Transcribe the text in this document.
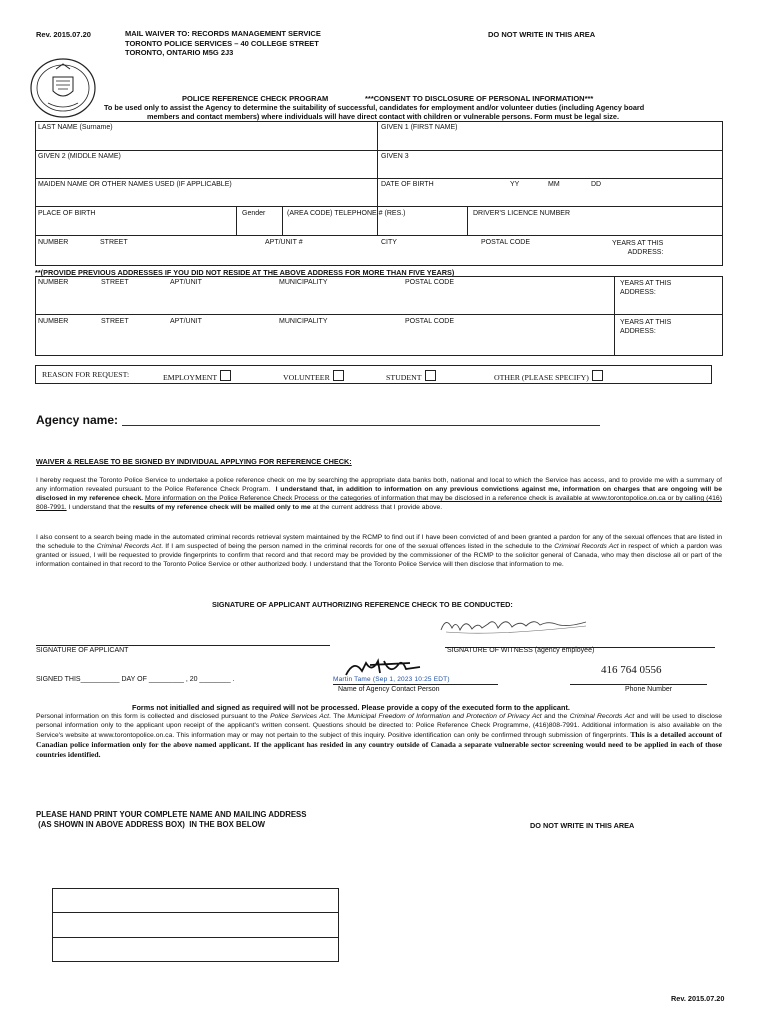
Rev. 2015.07.20	MAIL WAIVER TO: RECORDS MANAGEMENT SERVICE
TORONTO POLICE SERVICES – 40 COLLEGE STREET
TORONTO, ONTARIO M5G 2J3
DO NOT WRITE IN THIS AREA
POLICE REFERENCE CHECK PROGRAM	***CONSENT TO DISCLOSURE OF PERSONAL INFORMATION***
To be used only to assist the Agency to determine the suitability of successful, candidates for employment and/or volunteer duties (including Agency board
members and contact members) where individuals will have direct contact with children or vulnerable persons. Form must be legal size.
LAST NAME (Surname)	GIVEN 1 (FIRST NAME)
GIVEN 2 (MIDDLE NAME)	GIVEN 3
MAIDEN NAME OR OTHER NAMES USED (IF APPLICABLE)	DATE OF BIRTH	YY	MM	DD
PLACE OF BIRTH	Gender	(AREA CODE) TELEPHONE # (RES.)	DRIVER'S LICENCE NUMBER
NUMBER	STREET	APT/UNIT #	CITY	POSTAL CODE	YEARS AT THIS
ADDRESS:
**(PROVIDE PREVIOUS ADDRESSES IF YOU DID NOT RESIDE AT THE ABOVE ADDRESS FOR MORE THAN FIVE YEARS)
NUMBER	STREET	APT/UNIT	MUNICIPALITY	POSTAL CODE	YEARS AT THIS
ADDRESS:
NUMBER	STREET	APT/UNIT	MUNICIPALITY	POSTAL CODE	YEARS AT THIS
ADDRESS:
REASON FOR REQUEST:	EMPLOYMENT	VOLUNTEER	STUDENT	OTHER (PLEASE SPECIFY)
Agency name:
WAIVER & RELEASE TO BE SIGNED BY INDIVIDUAL APPLYING FOR REFERENCE CHECK:
I hereby request the Toronto Police Service to undertake a police reference check on me by searching the appropriate data banks both, national and local to which the Service has access, and to provide me with a summary of any information revealed pursuant to the Police Reference Check Program. I understand that, in addition to information on any previous convictions against me, information on charges that are ongoing will be disclosed in my reference check. More information on the Police Reference Check Process or the categories of information that may be disclosed in a reference check is available at www.torontopolice.on.ca or by calling (416) 808-7991. I understand that the results of my reference check will be mailed only to me at the current address that I provide above.
I also consent to a search being made in the automated criminal records retrieval system maintained by the RCMP to find out if I have been convicted of and been granted a pardon for any of the sexual offences that are listed in the schedule to the Criminal Records Act. If I am suspected of being the person named in the criminal records for one of the sexual offences listed in the schedule to the Criminal Records Act in respect of which a pardon was granted or issued, I will be requested to provide fingerprints to confirm that record and that record may be provided by the commissioner of the RCMP to the solicitor general of Canada, who may then disclose all or part of the information contained in that record to the Toronto Police Service or other authorized body. I understand that the Toronto Police Service will then disclose that information to me.
SIGNATURE OF APPLICANT AUTHORIZING REFERENCE CHECK TO BE CONDUCTED:
SIGNATURE OF APPLICANT	SIGNATURE OF WITNESS (agency employee)
SIGNED THIS__________ DAY OF _________ , 20 ________ .	Martin Tame (Sep 1, 2023 10:25 EDT)
Name of Agency Contact Person
416 764 0556
Phone Number
Forms not initialled and signed as required will not be processed. Please provide a copy of the executed form to the applicant.
Personal information on this form is collected and disclosed pursuant to the Police Services Act. The Municipal Freedom of Information and Protection of Privacy Act and the Criminal Records Act and will be used to disclose personal information only to the applicant upon receipt of the applicant's written consent. Questions should be directed to: Police Reference Check Programme, (416)808-7991. Additional information is also available on the Service's website at www.torontopolice.on.ca. This information may or may not pertain to the subject of this inquiry. Positive identification can only be confirmed through submission of fingerprints. This is a detailed account of Canadian police information only for the above named applicant. If the applicant has resided in any country outside of Canada a separate vulnerable sector screening would need to be applied in each of those countries identified.
PLEASE HAND PRINT YOUR COMPLETE NAME AND MAILING ADDRESS
(AS SHOWN IN ABOVE ADDRESS BOX)  IN THE BOX BELOW	DO NOT WRITE IN THIS AREA
Rev. 2015.07.20
